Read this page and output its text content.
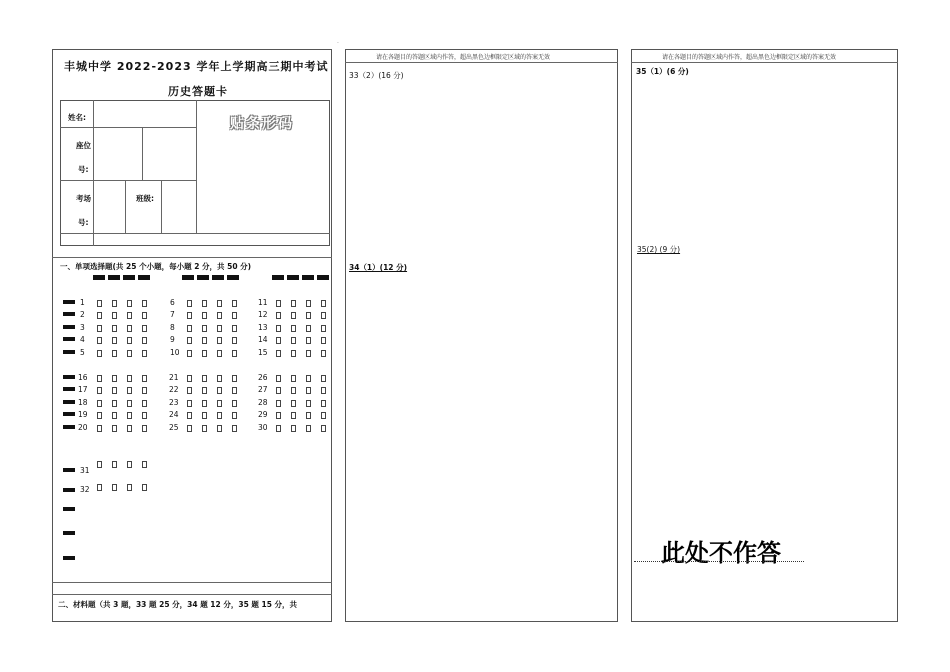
.
丰城中学 2022-2023 学年上学期高三期中考试
历史答题卡
姓名:
座位
号:
考场
号:
班级:
贴条形码
一、单项选择题(共 25 个小题，每小题 2 分，共 50 分)
1
2
3
4
5
6
7
8
9
10
11
12
13
14
15
16
17
18
19
20
21
22
23
24
25
26
27
28
29
30
31
32
二、材料题（共 3 题，33 题 25 分，34 题 12 分，35 题 15 分，共
请在各题目的答题区域内作答，超出黑色边框限定区域的答案无效
33（2）(16 分)
34（1）(12 分)
请在各题目的答题区域内作答，超出黑色边框限定区域的答案无效
35（1）(6 分)
35(2) (9 分)
此处不作答
